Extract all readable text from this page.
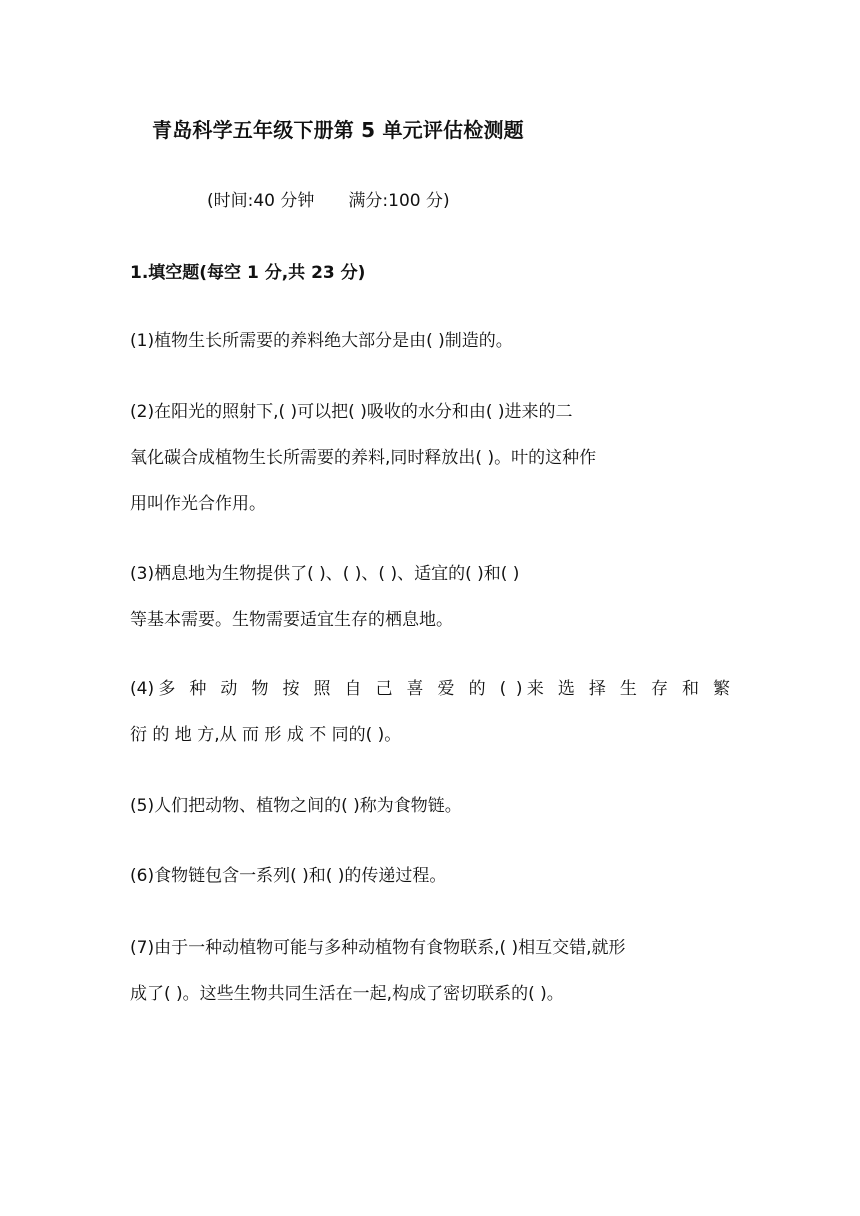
青岛科学五年级下册第 5 单元评估检测题
(时间:40 分钟 满分:100 分)
1.填空题(每空 1 分,共 23 分)
(1)植物生长所需要的养料绝大部分是由( )制造的。
(2)在阳光的照射下,( )可以把( )吸收的水分和由( )进来的二
氧化碳合成植物生长所需要的养料,同时释放出( )。叶的这种作
用叫作光合作用。
(3)栖息地为生物提供了( )、( )、( )、适宜的( )和( )
等基本需要。生物需要适宜生存的栖息地。
(4)多 种 动 物 按 照 自 己 喜 爱 的 ( )来 选 择 生 存 和 繁
衍 的 地 方,从 而 形 成 不 同的( )。
(5)人们把动物、植物之间的( )称为食物链。
(6)食物链包含一系列( )和( )的传递过程。
(7)由于一种动植物可能与多种动植物有食物联系,( )相互交错,就形
成了( )。这些生物共同生活在一起,构成了密切联系的( )。
